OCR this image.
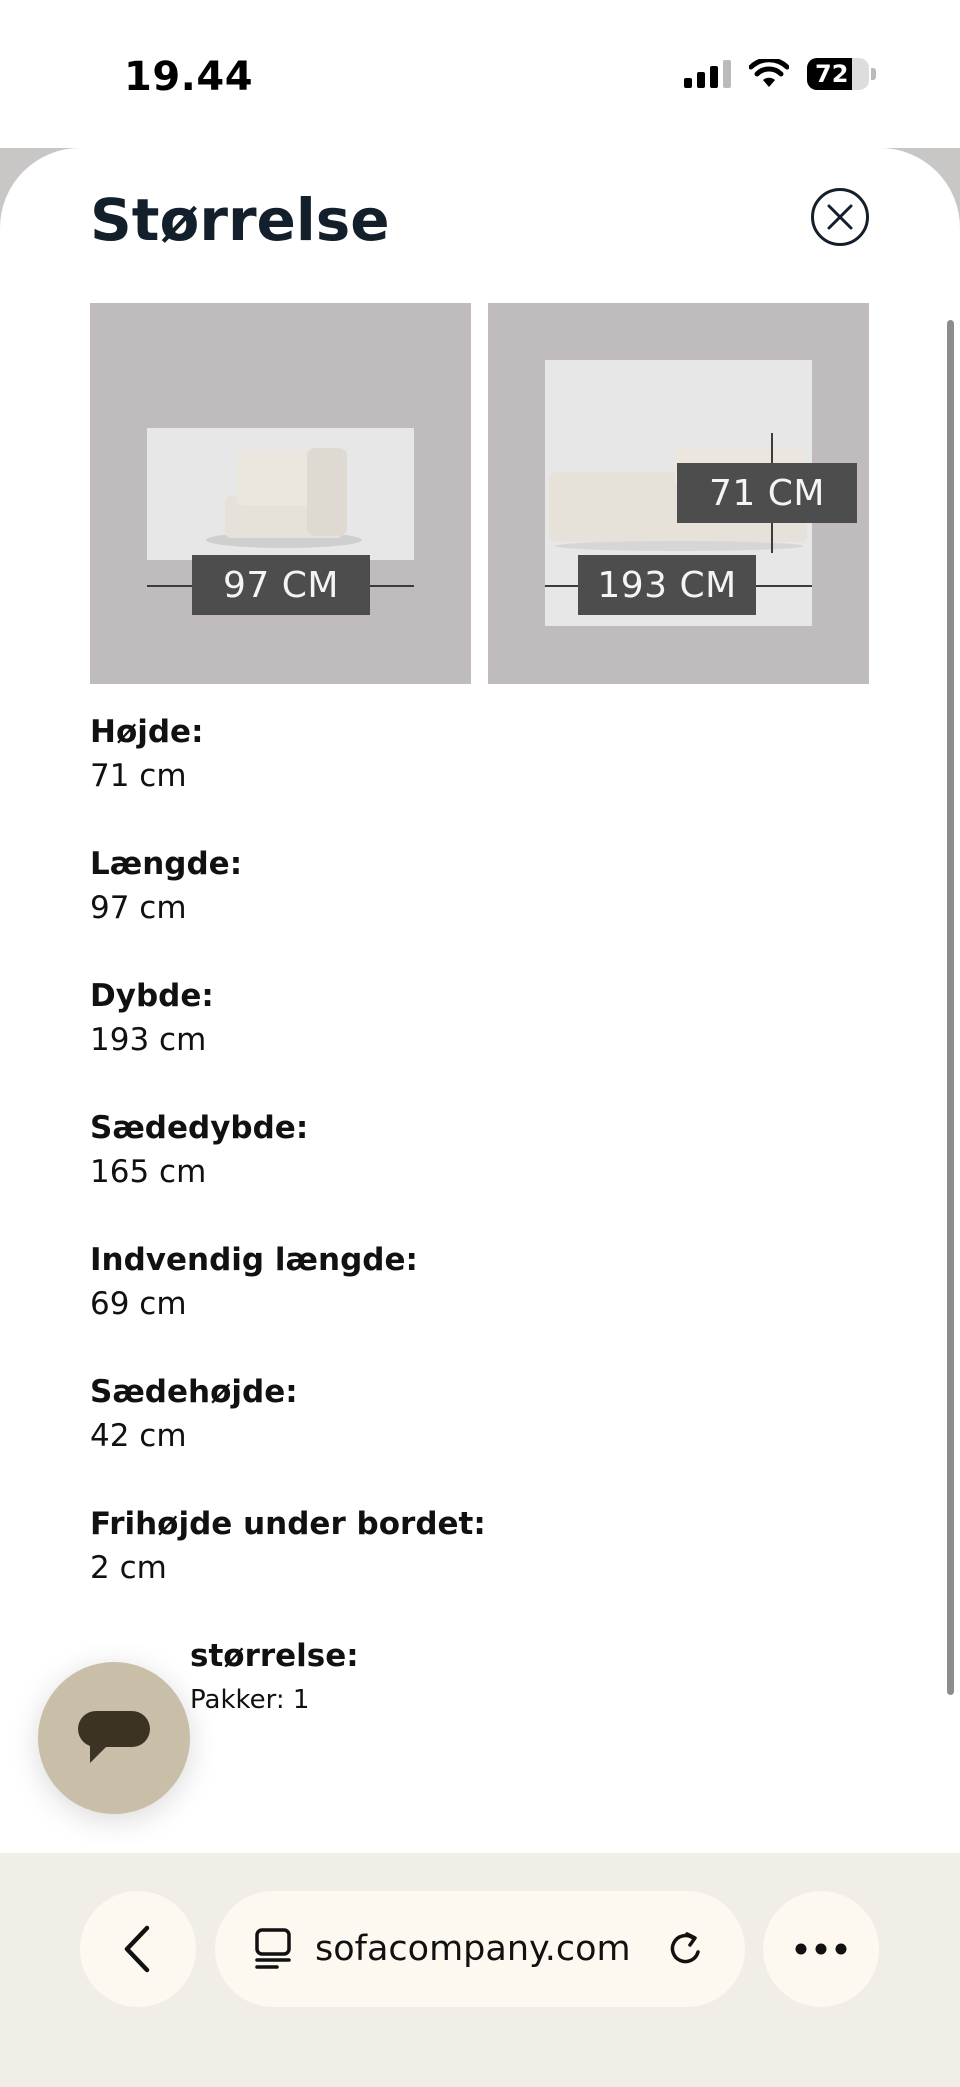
19.44	72
Størrelse
97 CM
71 CM
193 CM
Højde:
71 cm
Længde:
97 cm
Dybde:
193 cm
Sædedybde:
165 cm
Indvendig længde:
69 cm
Sædehøjde:
42 cm
Frihøjde under bordet:
2 cm
størrelse:
Pakker: 1
sofacompany.com
